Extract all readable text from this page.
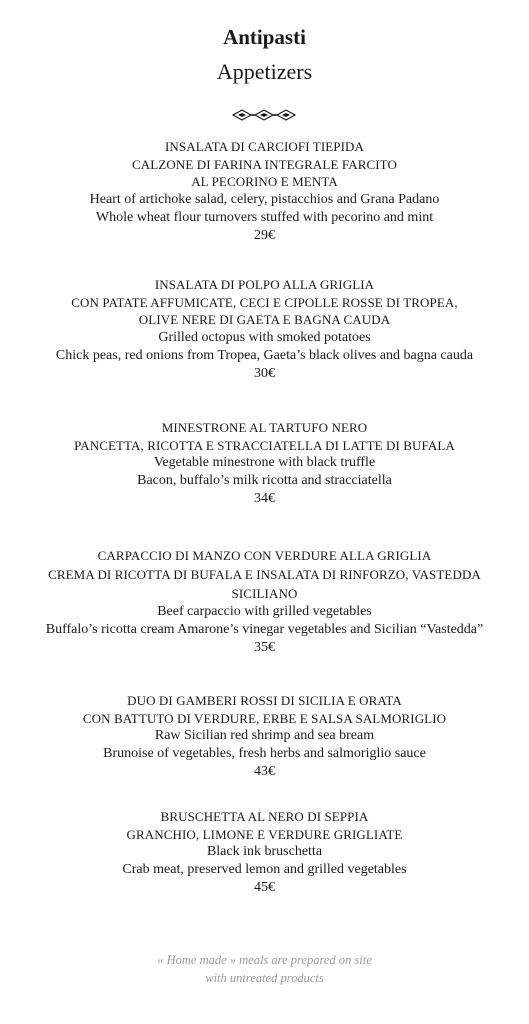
Antipasti
Appetizers
INSALATA DI CARCIOFI TIEPIDA
CALZONE DI FARINA INTEGRALE FARCITO
AL PECORINO E MENTA
Heart of artichoke salad, celery, pistacchios and Grana Padano
Whole wheat flour turnovers stuffed with pecorino and mint
29€
INSALATA DI POLPO ALLA GRIGLIA
CON PATATE AFFUMICATE, CECI E CIPOLLE ROSSE DI TROPEA,
OLIVE NERE DI GAETA E BAGNA CAUDA
Grilled octopus with smoked potatoes
Chick peas, red onions from Tropea, Gaeta’s black olives and bagna cauda
30€
MINESTRONE AL TARTUFO NERO
PANCETTA, RICOTTA E STRACCIATELLA DI LATTE DI BUFALA
Vegetable minestrone with black truffle
Bacon, buffalo’s milk ricotta and stracciatella
34€
CARPACCIO DI MANZO CON VERDURE ALLA GRIGLIA
CREMA DI RICOTTA DI BUFALA E INSALATA DI RINFORZO, VASTEDDA
SICILIANO
Beef carpaccio with grilled vegetables
Buffalo’s ricotta cream Amarone’s vinegar vegetables and Sicilian “Vastedda”
35€
DUO DI GAMBERI ROSSI DI SICILIA E ORATA
CON BATTUTO DI VERDURE, ERBE E SALSA SALMORIGLIO
Raw Sicilian red shrimp and sea bream
Brunoise of vegetables, fresh herbs and salmoriglio sauce
43€
BRUSCHETTA AL NERO DI SEPPIA
GRANCHIO, LIMONE E VERDURE GRIGLIATE
Black ink bruschetta
Crab meat, preserved lemon and grilled vegetables
45€
« Home made » meals are prepared on site
with untreated products
